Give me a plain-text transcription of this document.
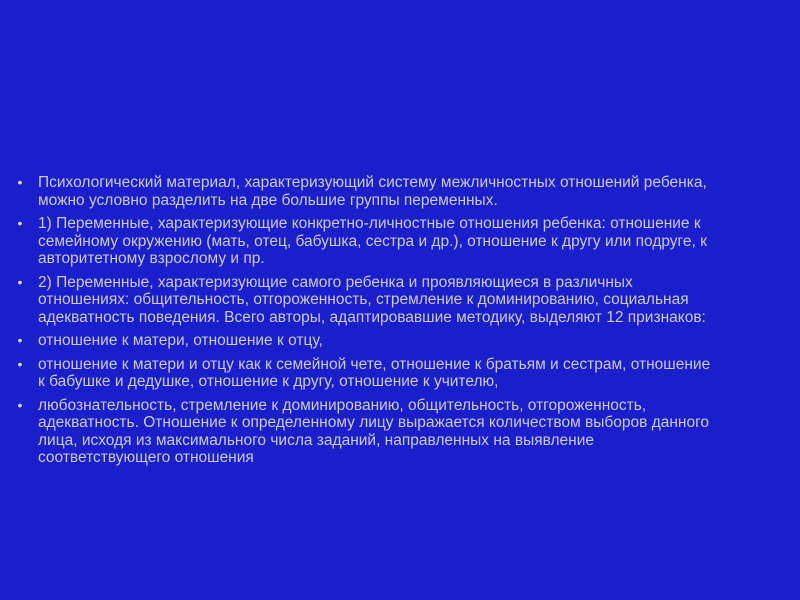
• Психологический материал, характеризующий систему межличностных отношений ребенка, можно условно разделить на две большие группы переменных.
• 1) Переменные, характеризующие конкретно-личностные отношения ребенка: отношение к семейному окружению (мать, отец, бабушка, сестра и др.), отношение к другу или подруге, к авторитетному взрослому и пр.
• 2) Переменные, характеризующие самого ребенка и проявляющиеся в различных отношениях: общительность, отгороженность, стремление к доминированию, социальная адекватность поведения. Всего авторы, адаптировавшие методику, выделяют 12 признаков:
• отношение к матери, отношение к отцу,
• отношение к матери и отцу как к семейной чете, отношение к братьям и сестрам, отношение к бабушке и дедушке, отношение к другу, отношение к учителю,
• любознательность, стремление к доминированию, общительность, отгороженность, адекватность. Отношение к определенному лицу выражается количеством выборов данного лица, исходя из максимального числа заданий, направленных на выявление соответствующего отношения
